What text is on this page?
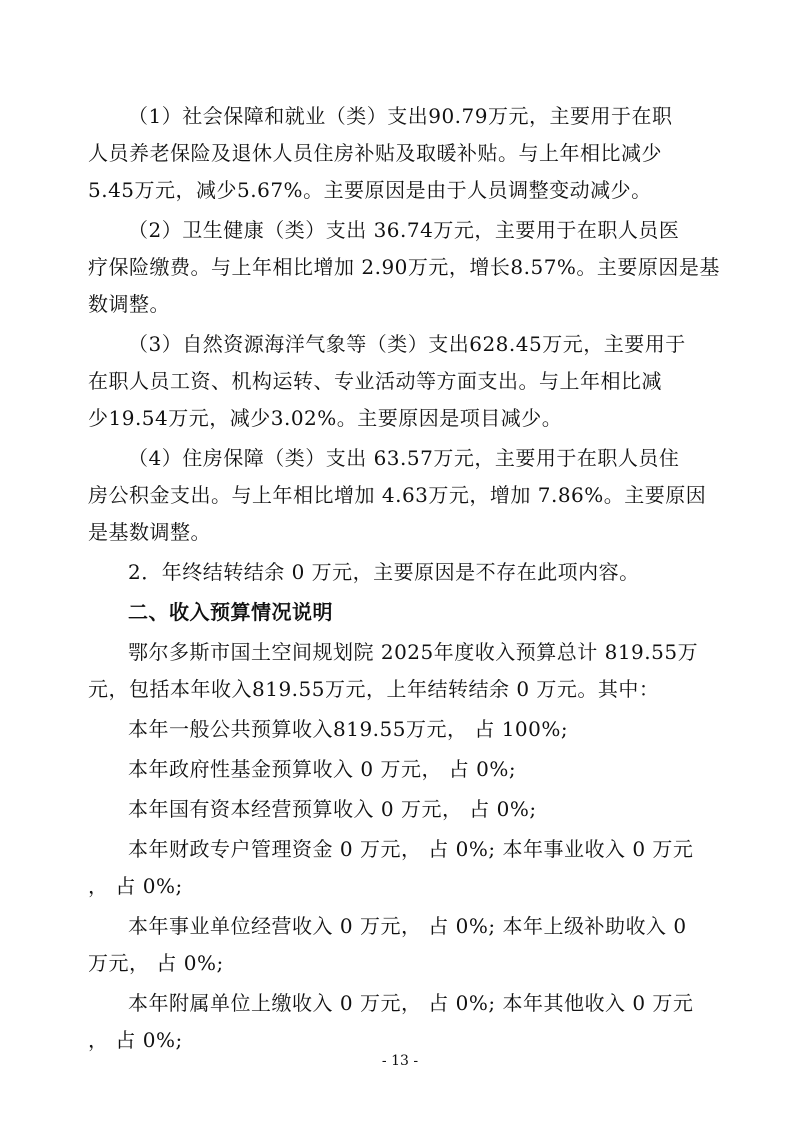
（1）社会保障和就业（类）支出90.79万元，主要用于在职
人员养老保险及退休人员住房补贴及取暖补贴。与上年相比减少
5.45万元，减少5.67%。主要原因是由于人员调整变动减少。
（2）卫生健康（类）支出 36.74万元，主要用于在职人员医
疗保险缴费。与上年相比增加 2.90万元，增长8.57%。主要原因是基
数调整。
（3）自然资源海洋气象等（类）支出628.45万元，主要用于
在职人员工资、机构运转、专业活动等方面支出。与上年相比减
少19.54万元，减少3.02%。主要原因是项目减少。
（4）住房保障（类）支出 63.57万元，主要用于在职人员住
房公积金支出。与上年相比增加 4.63万元，增加 7.86%。主要原因
是基数调整。
2．年终结转结余 0 万元，主要原因是不存在此项内容。
二、收入预算情况说明
鄂尔多斯市国土空间规划院 2025年度收入预算总计 819.55万
元，包括本年收入819.55万元，上年结转结余 0 万元。其中：
本年一般公共预算收入819.55万元， 占 100%;
本年政府性基金预算收入 0 万元， 占 0%;
本年国有资本经营预算收入 0 万元， 占 0%;
本年财政专户管理资金 0 万元， 占 0%; 本年事业收入 0 万元
， 占 0%;
本年事业单位经营收入 0 万元， 占 0%; 本年上级补助收入 0
万元， 占 0%;
本年附属单位上缴收入 0 万元， 占 0%; 本年其他收入 0 万元
， 占 0%;
- 13 -
